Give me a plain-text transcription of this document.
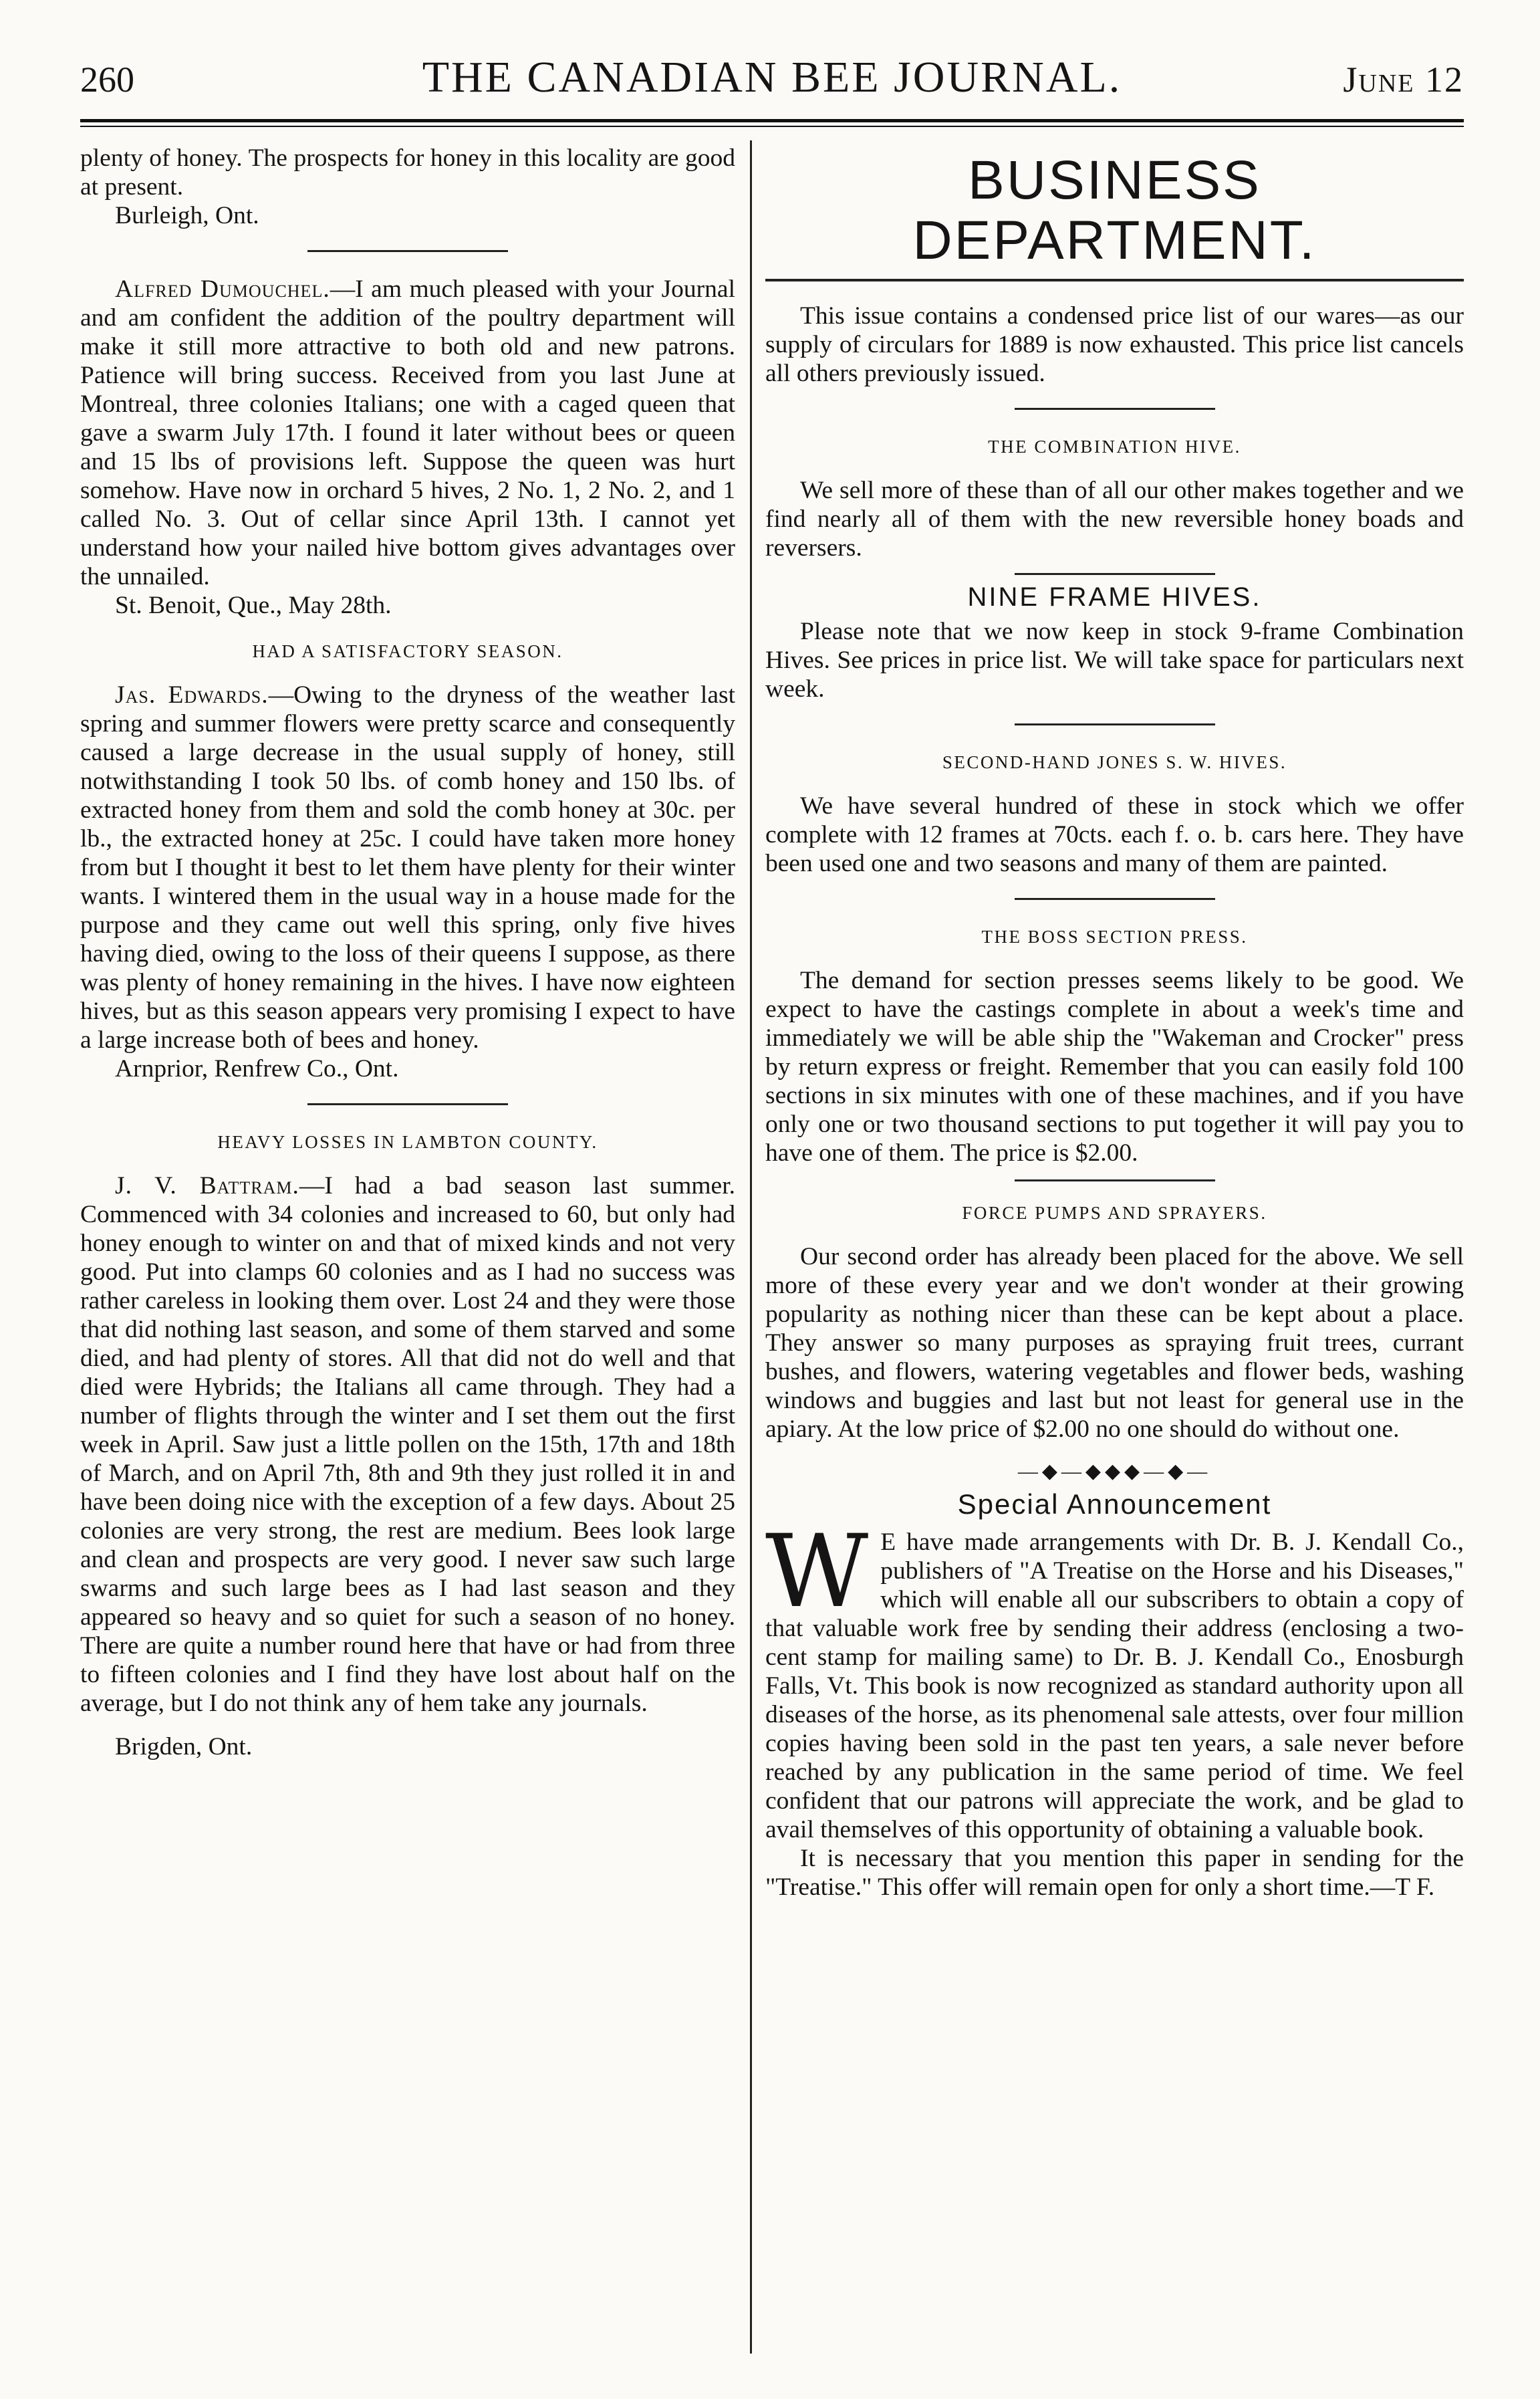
260	THE CANADIAN BEE JOURNAL.	June 12

plenty of honey. The prospects for honey in this locality are good at present.

Burleigh, Ont.

Alfred Dumouchel.—I am much pleased with your Journal and am confident the addition of the poultry department will make it still more attractive to both old and new patrons. Patience will bring success. Received from you last June at Montreal, three colonies Italians; one with a caged queen that gave a swarm July 17th. I found it later without bees or queen and 15 lbs of provisions left. Suppose the queen was hurt somehow. Have now in orchard 5 hives, 2 No. 1, 2 No. 2, and 1 called No. 3. Out of cellar since April 13th. I cannot yet understand how your nailed hive bottom gives advantages over the unnailed.

St. Benoit, Que., May 28th.

HAD A SATISFACTORY SEASON.

Jas. Edwards.—Owing to the dryness of the weather last spring and summer flowers were pretty scarce and consequently caused a large decrease in the usual supply of honey, still notwithstanding I took 50 lbs. of comb honey and 150 lbs. of extracted honey from them and sold the comb honey at 30c. per lb., the extracted honey at 25c. I could have taken more honey from but I thought it best to let them have plenty for their winter wants. I wintered them in the usual way in a house made for the purpose and they came out well this spring, only five hives having died, owing to the loss of their queens I suppose, as there was plenty of honey remaining in the hives. I have now eighteen hives, but as this season appears very promising I expect to have a large increase both of bees and honey.

Arnprior, Renfrew Co., Ont.

HEAVY LOSSES IN LAMBTON COUNTY.

J. V. Battram.—I had a bad season last summer. Commenced with 34 colonies and increased to 60, but only had honey enough to winter on and that of mixed kinds and not very good. Put into clamps 60 colonies and as I had no success was rather careless in looking them over. Lost 24 and they were those that did nothing last season, and some of them starved and some died, and had plenty of stores. All that did not do well and that died were Hybrids; the Italians all came through. They had a number of flights through the winter and I set them out the first week in April. Saw just a little pollen on the 15th, 17th and 18th of March, and on April 7th, 8th and 9th they just rolled it in and have been doing nice with the exception of a few days. About 25 colonies are very strong, the rest are medium. Bees look large and clean and prospects are very good. I never saw such large swarms and such large bees as I had last season and they appeared so heavy and so quiet for such a season of no honey. There are quite a number round here that have or had from three to fifteen colonies and I find they have lost about half on the average, but I do not think any of hem take any journals.

Brigden, Ont.

BUSINESS DEPARTMENT.

This issue contains a condensed price list of our wares—as our supply of circulars for 1889 is now exhausted. This price list cancels all others previously issued.

THE COMBINATION HIVE.

We sell more of these than of all our other makes together and we find nearly all of them with the new reversible honey boads and reversers.

NINE FRAME HIVES.

Please note that we now keep in stock 9-frame Combination Hives. See prices in price list. We will take space for particulars next week.

SECOND-HAND JONES S. W. HIVES.

We have several hundred of these in stock which we offer complete with 12 frames at 70cts. each f. o. b. cars here. They have been used one and two seasons and many of them are painted.

THE BOSS SECTION PRESS.

The demand for section presses seems likely to be good. We expect to have the castings complete in about a week's time and immediately we will be able ship the "Wakeman and Crocker" press by return express or freight. Remember that you can easily fold 100 sections in six minutes with one of these machines, and if you have only one or two thousand sections to put together it will pay you to have one of them. The price is $2.00.

FORCE PUMPS AND SPRAYERS.

Our second order has already been placed for the above. We sell more of these every year and we don't wonder at their growing popularity as nothing nicer than these can be kept about a place. They answer so many purposes as spraying fruit trees, currant bushes, and flowers, watering vegetables and flower beds, washing windows and buggies and last but not least for general use in the apiary. At the low price of $2.00 no one should do without one.

—◆—◆◆◆—◆—
Special Announcement

W E have made arrangements with Dr. B. J. Kendall Co., publishers of "A Treatise on the Horse and his Diseases," which will enable all our subscribers to obtain a copy of that valuable work free by sending their address (enclosing a two-cent stamp for mailing same) to Dr. B. J. Kendall Co., Enosburgh Falls, Vt. This book is now recognized as standard authority upon all diseases of the horse, as its phenomenal sale attests, over four million copies having been sold in the past ten years, a sale never before reached by any publication in the same period of time. We feel confident that our patrons will appreciate the work, and be glad to avail themselves of this opportunity of obtaining a valuable book.

It is necessary that you mention this paper in sending for the "Treatise." This offer will remain open for only a short time.—T F.
